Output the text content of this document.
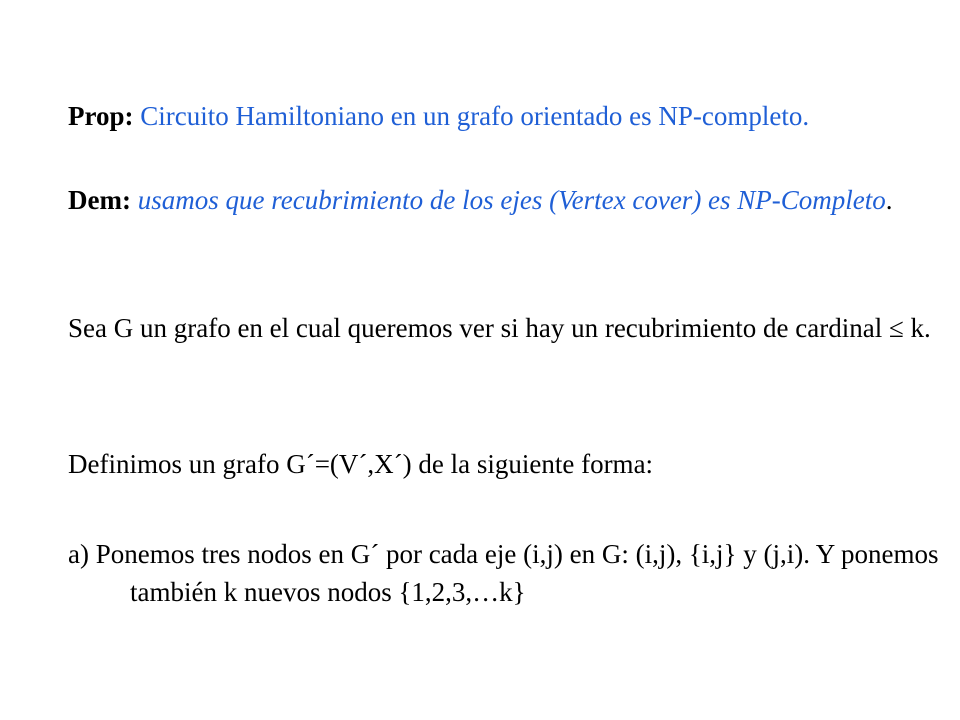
Prop: Circuito Hamiltoniano en un grafo orientado es NP-completo.

Dem: usamos que recubrimiento de los ejes (Vertex cover) es NP-Completo.

Sea G un grafo en el cual queremos ver si hay un recubrimiento de cardinal ≤ k.

Definimos un grafo G´=(V´,X´) de la siguiente forma:

a) Ponemos tres nodos en G´ por cada eje (i,j) en G: (i,j), {i,j} y (j,i). Y ponemos también k nuevos nodos {1,2,3,…k}
